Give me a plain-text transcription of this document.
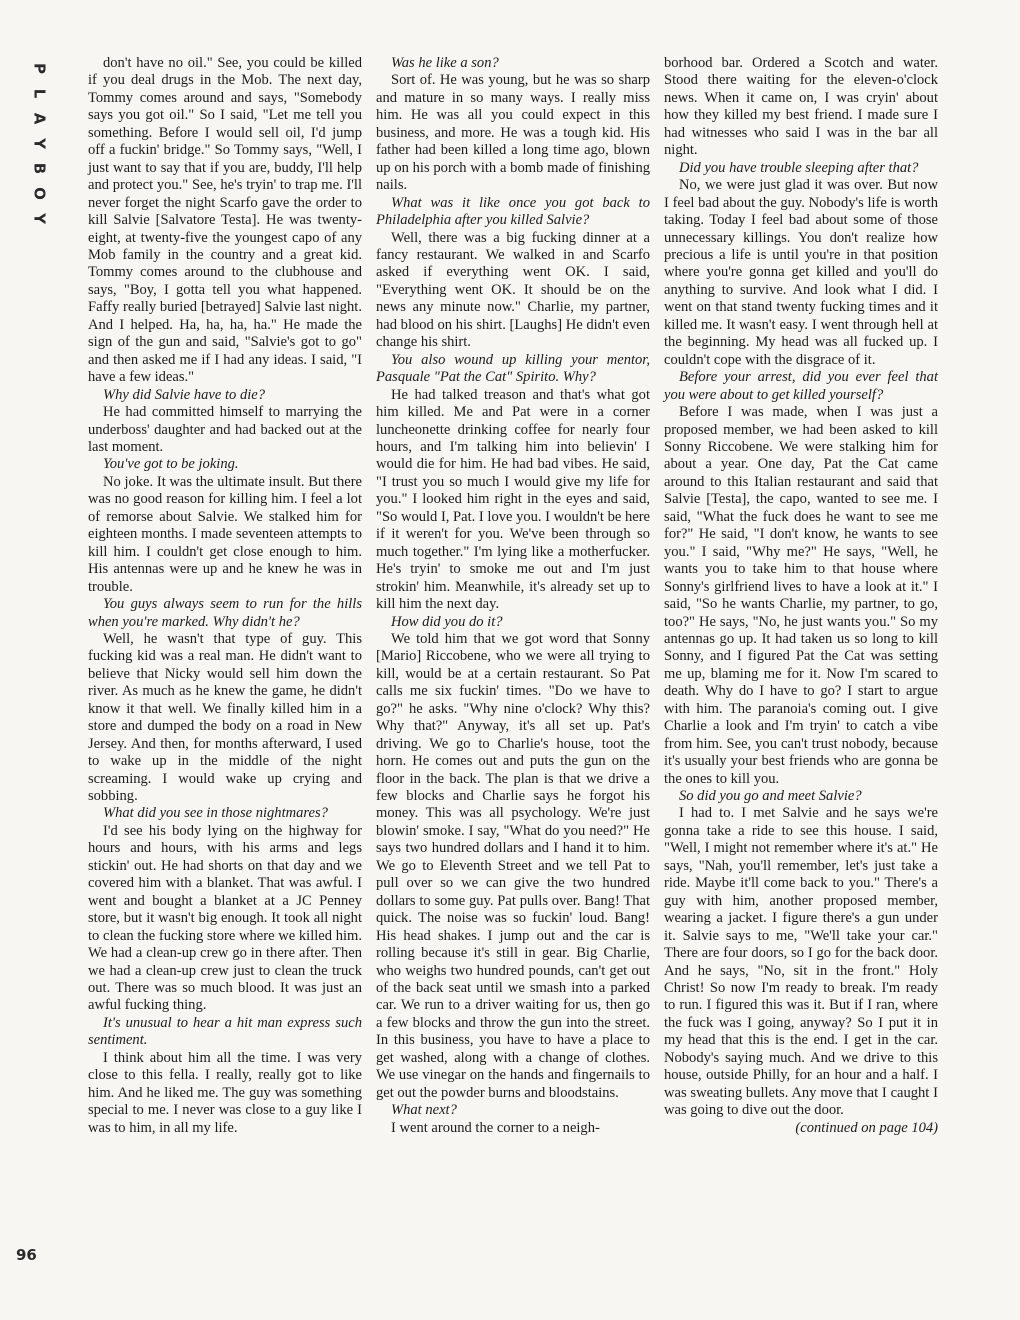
P
L
A
Y
B
O
Y
96

don't have no oil." See, you could be killed if you deal drugs in the Mob. The next day, Tommy comes around and says, "Somebody says you got oil." So I said, "Let me tell you something. Before I would sell oil, I'd jump off a fuckin' bridge." So Tommy says, "Well, I just want to say that if you are, buddy, I'll help and protect you." See, he's tryin' to trap me. I'll never forget the night Scarfo gave the order to kill Salvie [Salvatore Testa]. He was twenty-eight, at twenty-five the youngest capo of any Mob family in the country and a great kid. Tommy comes around to the clubhouse and says, "Boy, I gotta tell you what happened. Faffy really buried [betrayed] Salvie last night. And I helped. Ha, ha, ha, ha." He made the sign of the gun and said, "Salvie's got to go" and then asked me if I had any ideas. I said, "I have a few ideas."

Why did Salvie have to die?

He had committed himself to marrying the underboss' daughter and had backed out at the last moment.

You've got to be joking.

No joke. It was the ultimate insult. But there was no good reason for killing him. I feel a lot of remorse about Salvie. We stalked him for eighteen months. I made seventeen attempts to kill him. I couldn't get close enough to him. His antennas were up and he knew he was in trouble.

You guys always seem to run for the hills when you're marked. Why didn't he?

Well, he wasn't that type of guy. This fucking kid was a real man. He didn't want to believe that Nicky would sell him down the river. As much as he knew the game, he didn't know it that well. We finally killed him in a store and dumped the body on a road in New Jersey. And then, for months afterward, I used to wake up in the middle of the night screaming. I would wake up crying and sobbing.

What did you see in those nightmares?

I'd see his body lying on the highway for hours and hours, with his arms and legs stickin' out. He had shorts on that day and we covered him with a blanket. That was awful. I went and bought a blanket at a JC Penney store, but it wasn't big enough. It took all night to clean the fucking store where we killed him. We had a clean-up crew go in there after. Then we had a clean-up crew just to clean the truck out. There was so much blood. It was just an awful fucking thing.

It's unusual to hear a hit man express such sentiment.

I think about him all the time. I was very close to this fella. I really, really got to like him. And he liked me. The guy was something special to me. I never was close to a guy like I was to him, in all my life.

Was he like a son?

Sort of. He was young, but he was so sharp and mature in so many ways. I really miss him. He was all you could expect in this business, and more. He was a tough kid. His father had been killed a long time ago, blown up on his porch with a bomb made of finishing nails.

What was it like once you got back to Philadelphia after you killed Salvie?

Well, there was a big fucking dinner at a fancy restaurant. We walked in and Scarfo asked if everything went OK. I said, "Everything went OK. It should be on the news any minute now." Charlie, my partner, had blood on his shirt. [Laughs] He didn't even change his shirt.

You also wound up killing your mentor, Pasquale "Pat the Cat" Spirito. Why?

He had talked treason and that's what got him killed. Me and Pat were in a corner luncheonette drinking coffee for nearly four hours, and I'm talking him into believin' I would die for him. He had bad vibes. He said, "I trust you so much I would give my life for you." I looked him right in the eyes and said, "So would I, Pat. I love you. I wouldn't be here if it weren't for you. We've been through so much together." I'm lying like a motherfucker. He's tryin' to smoke me out and I'm just strokin' him. Meanwhile, it's already set up to kill him the next day.

How did you do it?

We told him that we got word that Sonny [Mario] Riccobene, who we were all trying to kill, would be at a certain restaurant. So Pat calls me six fuckin' times. "Do we have to go?" he asks. "Why nine o'clock? Why this? Why that?" Anyway, it's all set up. Pat's driving. We go to Charlie's house, toot the horn. He comes out and puts the gun on the floor in the back. The plan is that we drive a few blocks and Charlie says he forgot his money. This was all psychology. We're just blowin' smoke. I say, "What do you need?" He says two hundred dollars and I hand it to him. We go to Eleventh Street and we tell Pat to pull over so we can give the two hundred dollars to some guy. Pat pulls over. Bang! That quick. The noise was so fuckin' loud. Bang! His head shakes. I jump out and the car is rolling because it's still in gear. Big Charlie, who weighs two hundred pounds, can't get out of the back seat until we smash into a parked car. We run to a driver waiting for us, then go a few blocks and throw the gun into the street. In this business, you have to have a place to get washed, along with a change of clothes. We use vinegar on the hands and fingernails to get out the powder burns and bloodstains.

What next?

I went around the corner to a neigh-

borhood bar. Ordered a Scotch and water. Stood there waiting for the eleven-o'clock news. When it came on, I was cryin' about how they killed my best friend. I made sure I had witnesses who said I was in the bar all night.

Did you have trouble sleeping after that?

No, we were just glad it was over. But now I feel bad about the guy. Nobody's life is worth taking. Today I feel bad about some of those unnecessary killings. You don't realize how precious a life is until you're in that position where you're gonna get killed and you'll do anything to survive. And look what I did. I went on that stand twenty fucking times and it killed me. It wasn't easy. I went through hell at the beginning. My head was all fucked up. I couldn't cope with the disgrace of it.

Before your arrest, did you ever feel that you were about to get killed yourself?

Before I was made, when I was just a proposed member, we had been asked to kill Sonny Riccobene. We were stalking him for about a year. One day, Pat the Cat came around to this Italian restaurant and said that Salvie [Testa], the capo, wanted to see me. I said, "What the fuck does he want to see me for?" He said, "I don't know, he wants to see you." I said, "Why me?" He says, "Well, he wants you to take him to that house where Sonny's girlfriend lives to have a look at it." I said, "So he wants Charlie, my partner, to go, too?" He says, "No, he just wants you." So my antennas go up. It had taken us so long to kill Sonny, and I figured Pat the Cat was setting me up, blaming me for it. Now I'm scared to death. Why do I have to go? I start to argue with him. The paranoia's coming out. I give Charlie a look and I'm tryin' to catch a vibe from him. See, you can't trust nobody, because it's usually your best friends who are gonna be the ones to kill you.

So did you go and meet Salvie?

I had to. I met Salvie and he says we're gonna take a ride to see this house. I said, "Well, I might not remember where it's at." He says, "Nah, you'll remember, let's just take a ride. Maybe it'll come back to you." There's a guy with him, another proposed member, wearing a jacket. I figure there's a gun under it. Salvie says to me, "We'll take your car." There are four doors, so I go for the back door. And he says, "No, sit in the front." Holy Christ! So now I'm ready to break. I'm ready to run. I figured this was it. But if I ran, where the fuck was I going, anyway? So I put it in my head that this is the end. I get in the car. Nobody's saying much. And we drive to this house, outside Philly, for an hour and a half. I was sweating bullets. Any move that I caught I was going to dive out the door.

(continued on page 104)
